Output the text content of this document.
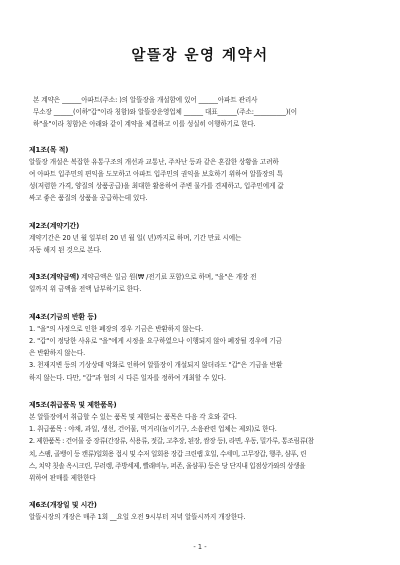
알뜰장 운영 계약서

본 계약은 ______아파트(주소: )의 알뜰장을 개설함에 있어 ______아파트 관리사

무소장 ______(이하"갑"이라 칭함)와 알뜰장운영업체 ______ 대표______(주소:__________)(이

하"을"이라 칭함)은 아래와 같이 계약을 체결하고 이를 성실히 이행하기로 한다.

제1조(목 적)

알뜰장 개설은 복잡한 유통구조의 개선과 교통난, 주차난 등과 같은 혼잡한 상황을 고려하

여 아파트 입주민의 편익을 도모하고 아파트 입주민의 권익을 보호하기 위하여 알뜰장의 특

성(저렴한 가격, 양질의 상품공급)을 최대한 활용하여 주변 물가를 견제하고, 입주민에게 값

싸고 좋은 품질의 상품을 공급하는데 있다.

제2조(계약기간)

계약기간은 20 년 월 일부터 20 년 월 일( 년)까지로 하며, 기간 만료 시에는

자동 해지 된 것으로 본다.

제3조(계약금액) 계약금액은 일금 원(₩ /전기료 포함)으로 하며, "을"은 개장 전

일까지 위 금액을 전액 납부하기로 한다.

제4조(기금의 반환 등)

1. "을"의 사정으로 인한 폐장의 경우 기금은 반환하지 않는다.

2. "갑"이 정당한 사유로 "을"에게 시정을 요구하였으나 이행되지 않아 폐장될 경우에 기금

은 반환하지 않는다.

3. 천재지변 등의 기상상태 악화로 인하여 알뜰장이 개설되지 않더라도 "갑"은 기금을 반환

하지 않는다. 다만, "갑"과 협의 시 다른 일자를 정하여 개최할 수 있다.

제5조(취급품목 및 제한품목)

본 알뜰장에서 취급할 수 있는 품목 및 제한되는 품목은 다음 각 호와 같다.

1. 취급품목 : 야채, 과일, 생선, 건어물, 먹거리(놀이기구, 소음관련 업체는 제외)로 한다.

2. 제한품목 : 건어물 중 장류(간장류, 식용류, 젓갈, 고추장, 된장, 쌈장 등), 라면, 우동, 밀가루, 통조림류(참

치, 스팸, 골뱅이 등 캔류)일회용 접시 및 수저 일회용 장갑 크린랩 호일, 수세미, 고무장갑, 행주, 샴푸, 린

스, 치약 칫솔 옥시크린, 무러렝, 주방세제, 빨래비누, 퍼존, 울샴푸) 등은 당 단지내 입점상가와의 상생을

위하여 판매를 제한한다

제6조(개장일 및 시간)

알뜰시장의 개장은 매주 1회 __요일 오전 9시부터 저녁 알뜰시까지 개장한다.

- 1 -
